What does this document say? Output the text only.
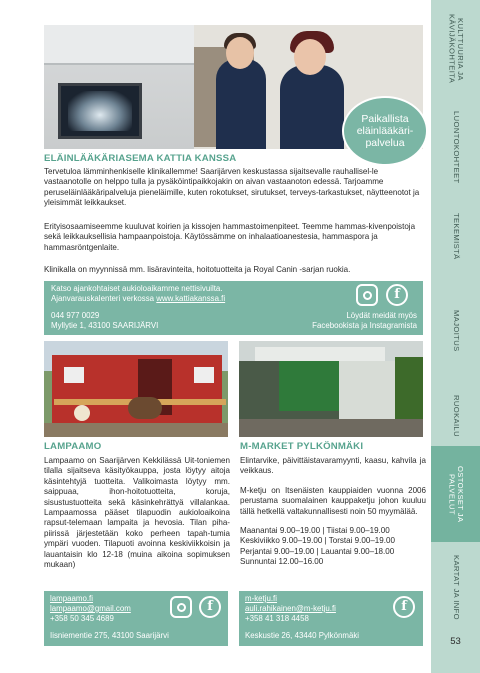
KULTTUURIA JA KÄVIJÄKOHTEITA
LUONTOKOHTEET
TEKEMISTÄ
MAJOITUS
RUOKAILU
OSTOKSET JA PALVELUT
KARTAT JA INFO
53
Paikallista
eläinlääkäri-
palvelua
ELÄINLÄÄKÄRIASEMA KATTIA KANSSA
Tervetuloa lämminhenkiselle klinikallemme! Saarijärven keskustassa sijaitsevalle rauhallisel-le vastaanotolle on helppo tulla ja pysäköintipaikkojakin on aivan vastaanoton edessä. Tarjoamme peruseläinlääkäripalveluja pieneläimille, kuten rokotukset, sirutukset, terveys-tarkastukset, näytteenotot ja yleisimmät leikkaukset.
Erityisosaamiseemme kuuluvat koirien ja kissojen hammastoimenpiteet. Teemme hammas-kivenpoistoja sekä leikkauksellisia hampaanpoistoja. Käytössämme on inhalaatioanestesia, hammaspora ja hammasröntgenlaite.
Klinikalla on myynnissä mm. lisäravinteita, hoitotuotteita ja Royal Canin -sarjan ruokia.
Katso ajankohtaiset aukioloaikamme nettisivuilta.
Ajanvarauskalenteri verkossa www.kattiakanssa.fi
044 977 0029
Myllytie 1, 43100 SAARIJÄRVI
f
Löydät meidät myös
Facebookista ja Instagramista
LAMPAAMO
Lampaamo on Saarijärven Kekkilässä Uit-toniemen tilalla sijaitseva käsityökauppa, josta löytyy aitoja käsintehtyjä tuotteita. Valikoimasta löytyy mm. saippuaa, ihon-hoitotuotteita, koruja, sisustustuotteita sekä käsinkehrättyä villalankaa. Lampaamossa pääset tilapuodin aukioloaikoina rapsut-telemaan lampaita ja hevosia. Tilan piha-piirissä järjestetään koko perheen tapah-tumia ympäri vuoden. Tilapuoti avoinna keskiviikkoisin ja lauantaisin klo 12-18 (muina aikoina sopimuksen mukaan)
lampaamo.fi
lampaamo@gmail.com
+358 50 345 4689
Iisniementie 275, 43100 Saarijärvi
f
M-MARKET PYLKÖNMÄKI

Elintarvike, päivittäistavaramyynti, kaasu, kahvila ja veikkaus.

M-ketju on Itsenäisten kauppiaiden vuonna 2006 perustama suomalainen kauppaketju johon kuuluu tällä hetkellä valtakunnallisesti noin 50 myymälää.

Maanantai 9.00–19.00 | Tiistai 9.00–19.00
Keskiviikko 9.00–19.00 | Torstai 9.00–19.00
Perjantai 9.00–19.00 | Lauantai 9.00–18.00
Sunnuntai 12.00–16.00
m-ketju.fi
auli.rahikainen@m-ketju.fi
+358 41 318 4458
Keskustie 26, 43440 Pylkönmäki
f
